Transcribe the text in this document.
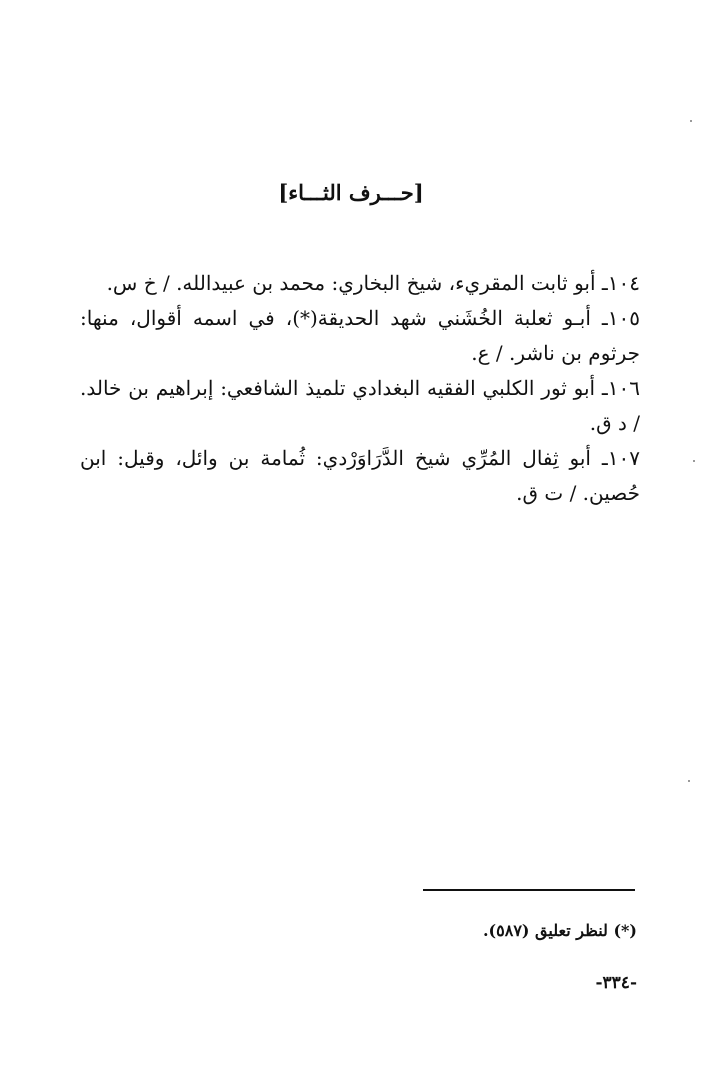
[حـــرف الثـــاء]

١٠٤ـ أبو ثابت المقريء، شيخ البخاري: محمد بن عبيدالله. / خ س.

١٠٥ـ أبـو ثعلبة الخُشَني شهد الحديقة(*)، في اسمه أقوال، منها: جرثوم بن ناشر. / ع.

١٠٦ـ أبو ثور الكلبي الفقيه البغدادي تلميذ الشافعي: إبراهيم بن خالد. / د ق.

١٠٧ـ أبو ثِفال المُرِّي شيخ الدَّرَاوَرْدي: ثُمامة بن وائل، وقيل: ابن حُصين. / ت ق.

(*) لنظر تعليق (٥٨٧).
-٣٣٤-
